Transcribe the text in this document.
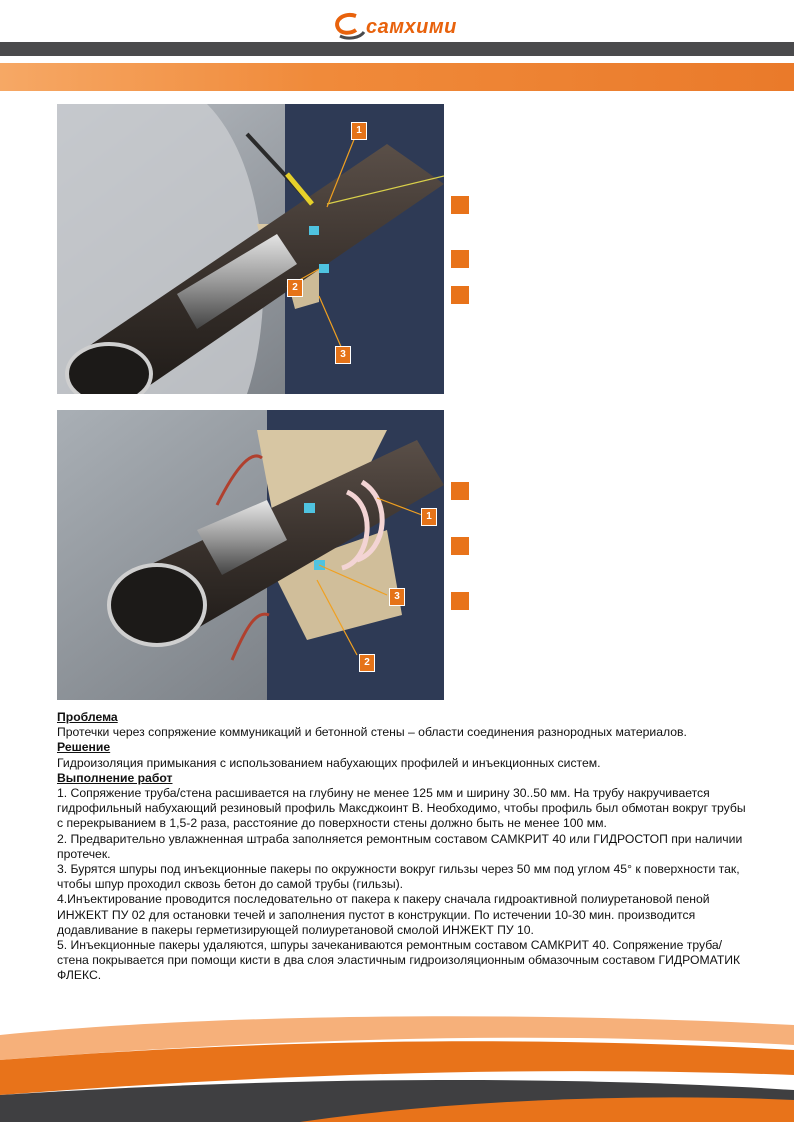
самхими
1
2
3
1
3
2

Проблема

Протечки через сопряжение коммуникаций и бетонной стены – области соединения разнородных материалов.

Решение

Гидроизоляция примыкания с использованием набухающих профилей и инъекционных систем.

Выполнение работ

1. Сопряжение труба/стена расшивается на глубину не менее 125 мм и ширину 30..50 мм. На трубу накручивается гидрофильный набухающий резиновый профиль Максджоинт В. Необходимо, чтобы профиль был обмотан вокруг трубы с перекрыванием в 1,5-2 раза, расстояние до поверхности стены должно быть не менее 100 мм.

2. Предварительно увлажненная штраба заполняется ремонтным составом САМКРИТ 40 или ГИДРОСТОП при наличии протечек.

3. Бурятся шпуры под инъекционные пакеры по окружности вокруг гильзы через 50 мм под углом 45° к поверхности так, чтобы шпур проходил сквозь бетон до самой трубы (гильзы).

4.Инъектирование проводится последовательно от пакера к пакеру сначала гидроактивной полиуретановой пеной ИНЖЕКТ ПУ 02 для остановки течей и заполнения пустот в конструкции. По истечении 10-30 мин. производится додавливание в пакеры герметизирующей полиуретановой смолой ИНЖЕКТ ПУ 10.

5. Инъекционные пакеры удаляются, шпуры зачеканиваются ремонтным составом САМКРИТ 40. Сопряжение труба/стена покрывается при помощи кисти в два слоя эластичным гидроизоляционным обмазочным составом ГИДРОМАТИК ФЛЕКС.
